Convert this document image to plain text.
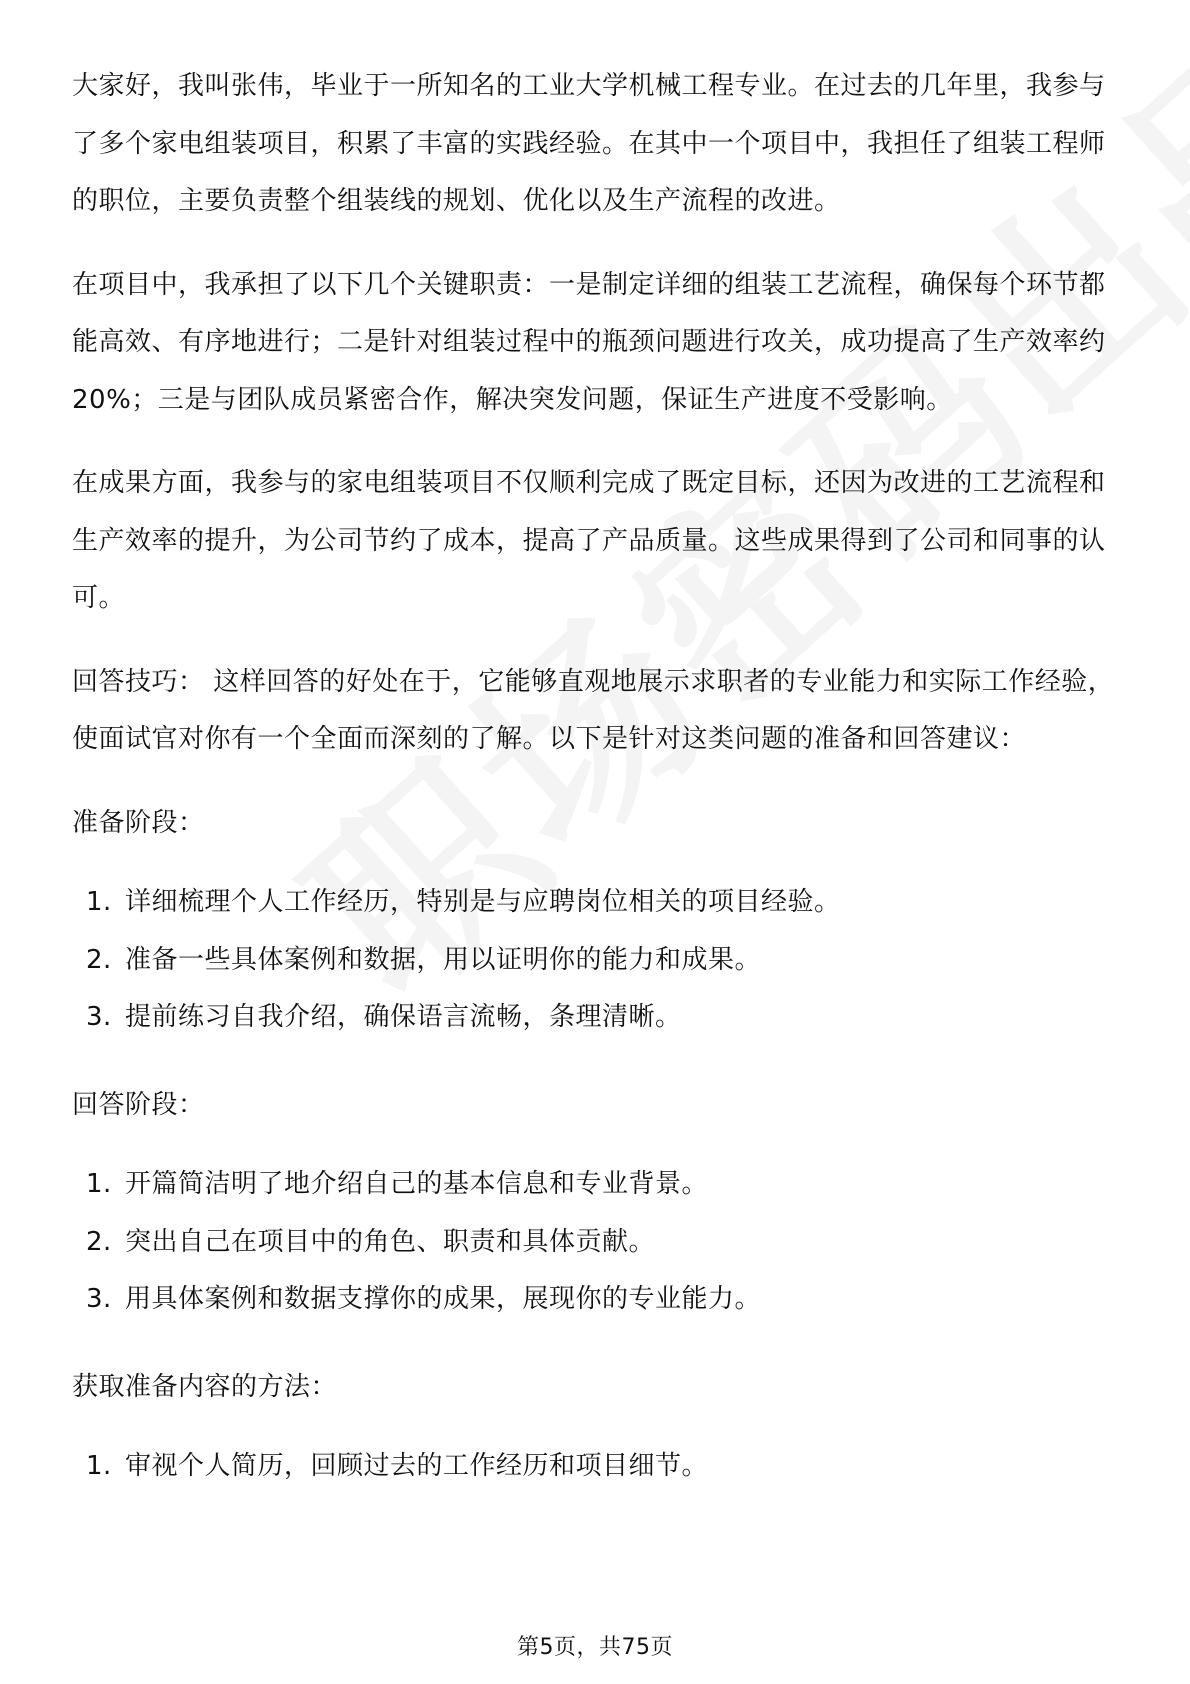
大家好，我叫张伟，毕业于一所知名的工业大学机械工程专业。在过去的几年里，我参与了多个家电组装项目，积累了丰富的实践经验。在其中一个项目中，我担任了组装工程师的职位，主要负责整个组装线的规划、优化以及生产流程的改进。

在项目中，我承担了以下几个关键职责：一是制定详细的组装工艺流程，确保每个环节都能高效、有序地进行；二是针对组装过程中的瓶颈问题进行攻关，成功提高了生产效率约20%；三是与团队成员紧密合作，解决突发问题，保证生产进度不受影响。

在成果方面，我参与的家电组装项目不仅顺利完成了既定目标，还因为改进的工艺流程和生产效率的提升，为公司节约了成本，提高了产品质量。这些成果得到了公司和同事的认可。

回答技巧： 这样回答的好处在于，它能够直观地展示求职者的专业能力和实际工作经验，使面试官对你有一个全面而深刻的了解。以下是针对这类问题的准备和回答建议：

准备阶段：
1. 详细梳理个人工作经历，特别是与应聘岗位相关的项目经验。
2. 准备一些具体案例和数据，用以证明你的能力和成果。
3. 提前练习自我介绍，确保语言流畅，条理清晰。
回答阶段：
1. 开篇简洁明了地介绍自己的基本信息和专业背景。
2. 突出自己在项目中的角色、职责和具体贡献。
3. 用具体案例和数据支撑你的成果，展现你的专业能力。
获取准备内容的方法：
1. 审视个人简历，回顾过去的工作经历和项目细节。
第5页，共75页
